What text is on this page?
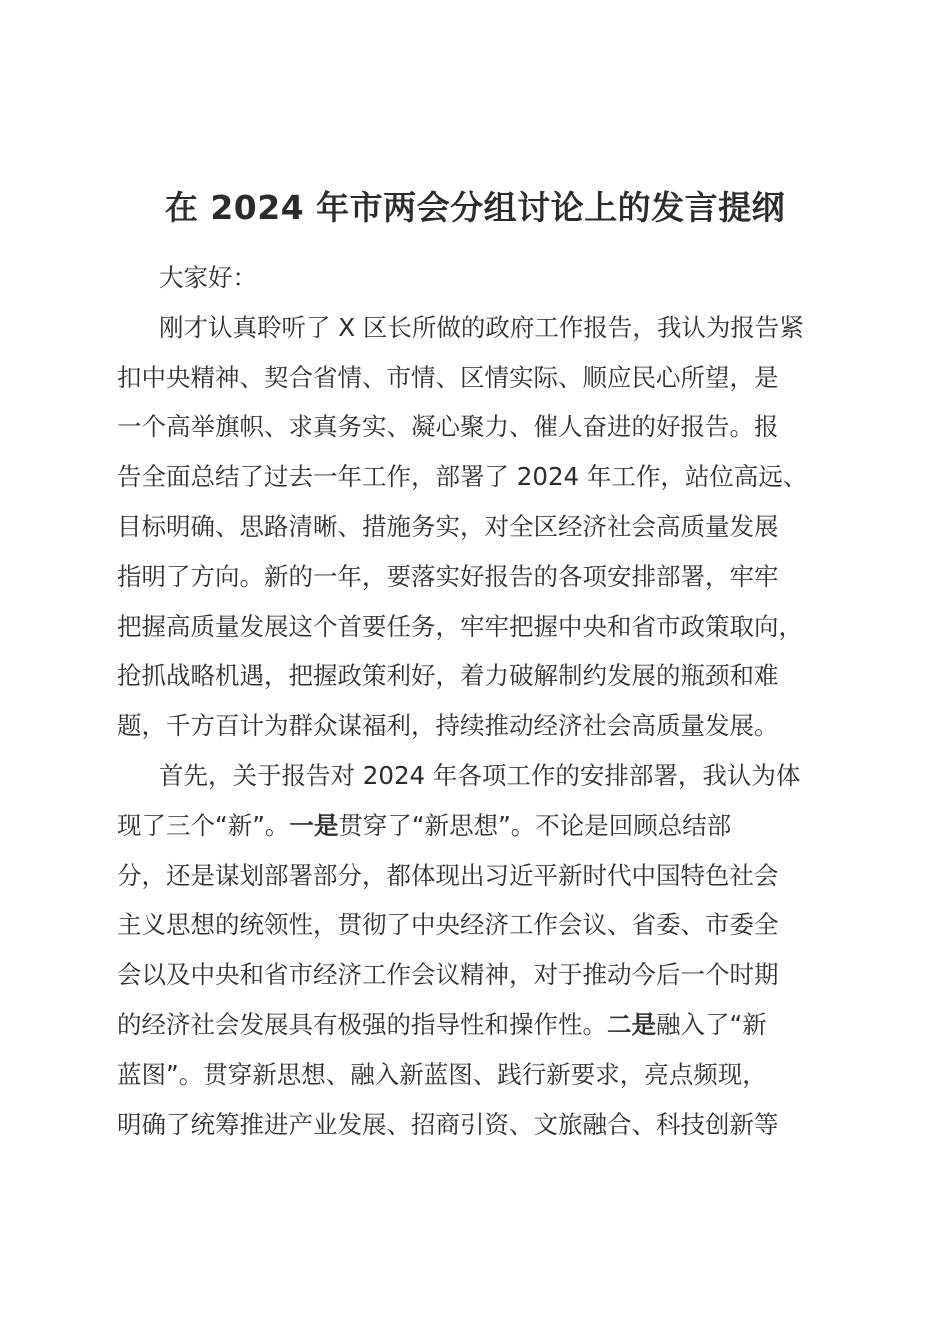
在 2024 年市两会分组讨论上的发言提纲
大家好：
刚才认真聆听了 X 区长所做的政府工作报告，我认为报告紧
扣中央精神、契合省情、市情、区情实际、顺应民心所望，是
一个高举旗帜、求真务实、凝心聚力、催人奋进的好报告。报
告全面总结了过去一年工作，部署了 2024 年工作，站位高远、
目标明确、思路清晰、措施务实，对全区经济社会高质量发展
指明了方向。新的一年，要落实好报告的各项安排部署，牢牢
把握高质量发展这个首要任务，牢牢把握中央和省市政策取向，
抢抓战略机遇，把握政策利好，着力破解制约发展的瓶颈和难
题，千方百计为群众谋福利，持续推动经济社会高质量发展。
首先，关于报告对 2024 年各项工作的安排部署，我认为体
现了三个“新”。一是贯穿了“新思想”。不论是回顾总结部
分，还是谋划部署部分，都体现出习近平新时代中国特色社会
主义思想的统领性，贯彻了中央经济工作会议、省委、市委全
会以及中央和省市经济工作会议精神，对于推动今后一个时期
的经济社会发展具有极强的指导性和操作性。二是融入了“新
蓝图”。贯穿新思想、融入新蓝图、践行新要求，亮点频现，
明确了统筹推进产业发展、招商引资、文旅融合、科技创新等
